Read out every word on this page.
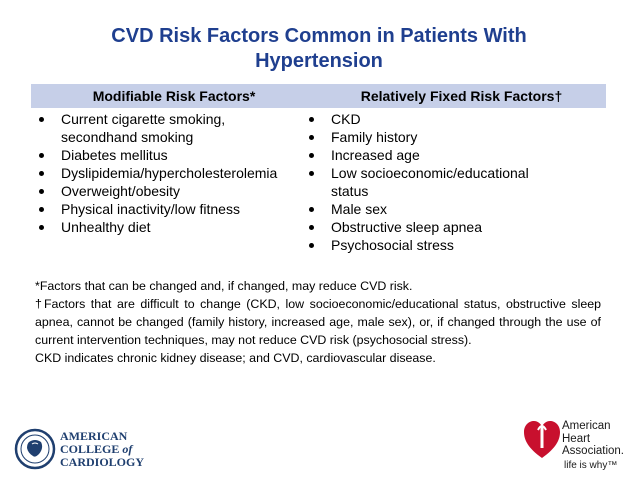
CVD Risk Factors Common in Patients With
Hypertension
Modifiable Risk Factors*	Relatively Fixed Risk Factors†
Current cigarette smoking,
secondhand smoking
Diabetes mellitus
Dyslipidemia/hypercholesterolemia
Overweight/obesity
Physical inactivity/low fitness
Unhealthy diet
CKD
Family history
Increased age
Low socioeconomic/educational
status
Male sex
Obstructive sleep apnea
Psychosocial stress

*Factors that can be changed and, if changed, may reduce CVD risk.

†Factors that are difficult to change (CKD, low socioeconomic/educational status, obstructive sleep apnea, cannot be changed (family history, increased age, male sex), or, if changed through the use of current intervention techniques, may not reduce CVD risk (psychosocial stress).

CKD indicates chronic kidney disease; and CVD, cardiovascular disease.

AMERICAN
COLLEGE of
CARDIOLOGY
American
Heart
Association.
life is why™
